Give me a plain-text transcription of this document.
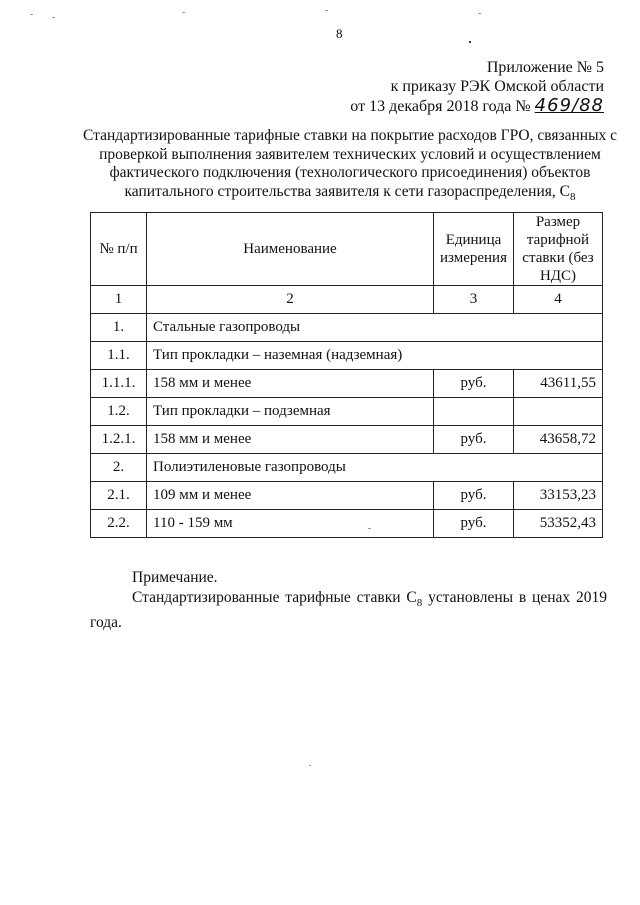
8
Приложение № 5
к приказу РЭК Омской области
от 13 декабря 2018 года № 469/88
Стандартизированные тарифные ставки на покрытие расходов ГРО, связанных с проверкой выполнения заявителем технических условий и осуществлением фактического подключения (технологического присоединения) объектов капитального строительства заявителя к сети газораспределения, $С_8$
№ п/п	Наименование	Единица измерения	Размер тарифной ставки (без НДС)
1	2	3	4
1.	Стальные газопроводы		
1.1.	Тип прокладки – наземная (надземная)		
1.1.1.	158 мм и менее	руб.	43611,55
1.2.	Тип прокладки – подземная		
1.2.1.	158 мм и менее	руб.	43658,72
2.	Полиэтиленовые газопроводы		
2.1.	109 мм и менее	руб.	33153,23
2.2.	110 - 159 мм	руб.	53352,43
Примечание.
Стандартизированные тарифные ставки $С_8$ установлены в ценах 2019 года.
